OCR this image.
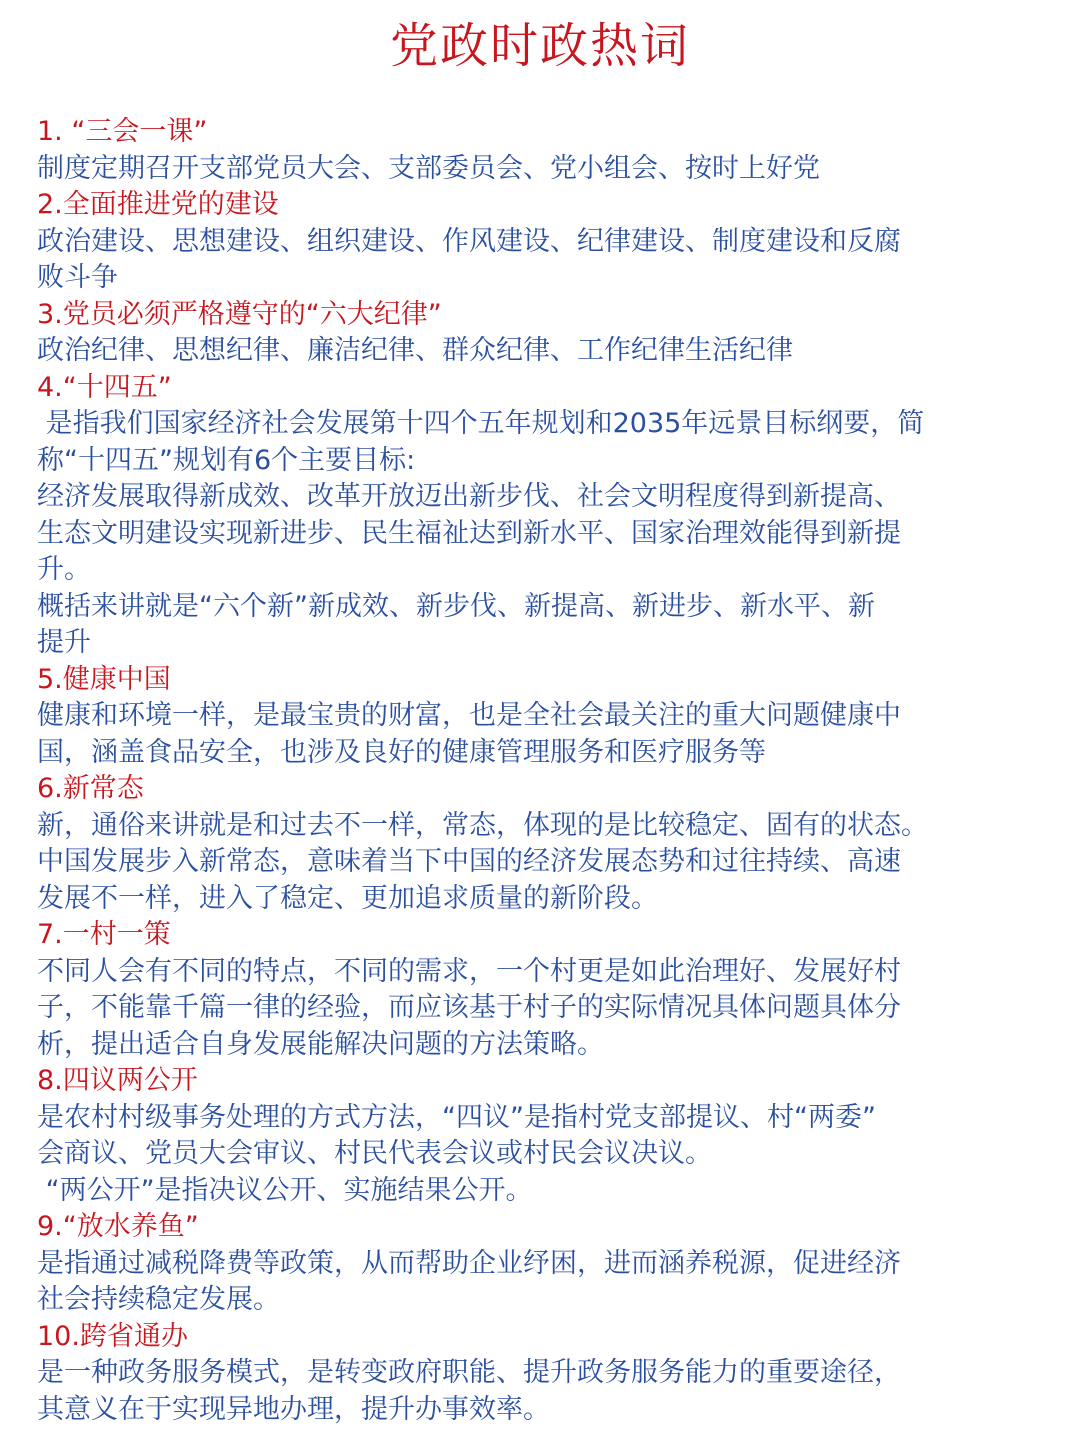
党政时政热词
1. “三会一课”
制度定期召开支部党员大会、支部委员会、党小组会、按时上好党
2.全面推进党的建设
政治建设、思想建设、组织建设、作风建设、纪律建设、制度建设和反腐
败斗争
3.党员必须严格遵守的“六大纪律”
政治纪律、思想纪律、廉洁纪律、群众纪律、工作纪律生活纪律
4.“十四五”
是指我们国家经济社会发展第十四个五年规划和2035年远景目标纲要，简
称“十四五”规划有6个主要目标:
经济发展取得新成效、改革开放迈出新步伐、社会文明程度得到新提高、
生态文明建设实现新进步、民生福祉达到新水平、国家治理效能得到新提
升。
概括来讲就是“六个新”新成效、新步伐、新提高、新进步、新水平、新
提升
5.健康中国
健康和环境一样，是最宝贵的财富，也是全社会最关注的重大问题健康中
国，涵盖食品安全，也涉及良好的健康管理服务和医疗服务等
6.新常态
新，通俗来讲就是和过去不一样，常态，体现的是比较稳定、固有的状态。
中国发展步入新常态，意味着当下中国的经济发展态势和过往持续、高速
发展不一样，进入了稳定、更加追求质量的新阶段。
7.一村一策
不同人会有不同的特点，不同的需求，一个村更是如此治理好、发展好村
子，不能靠千篇一律的经验，而应该基于村子的实际情况具体问题具体分
析，提出适合自身发展能解决问题的方法策略。
8.四议两公开
是农村村级事务处理的方式方法，“四议”是指村党支部提议、村“两委”
会商议、党员大会审议、村民代表会议或村民会议决议。
“两公开”是指决议公开、实施结果公开。
9.“放水养鱼”
是指通过减税降费等政策，从而帮助企业纾困，进而涵养税源，促进经济
社会持续稳定发展。
10.跨省通办
是一种政务服务模式，是转变政府职能、提升政务服务能力的重要途径，
其意义在于实现异地办理，提升办事效率。
